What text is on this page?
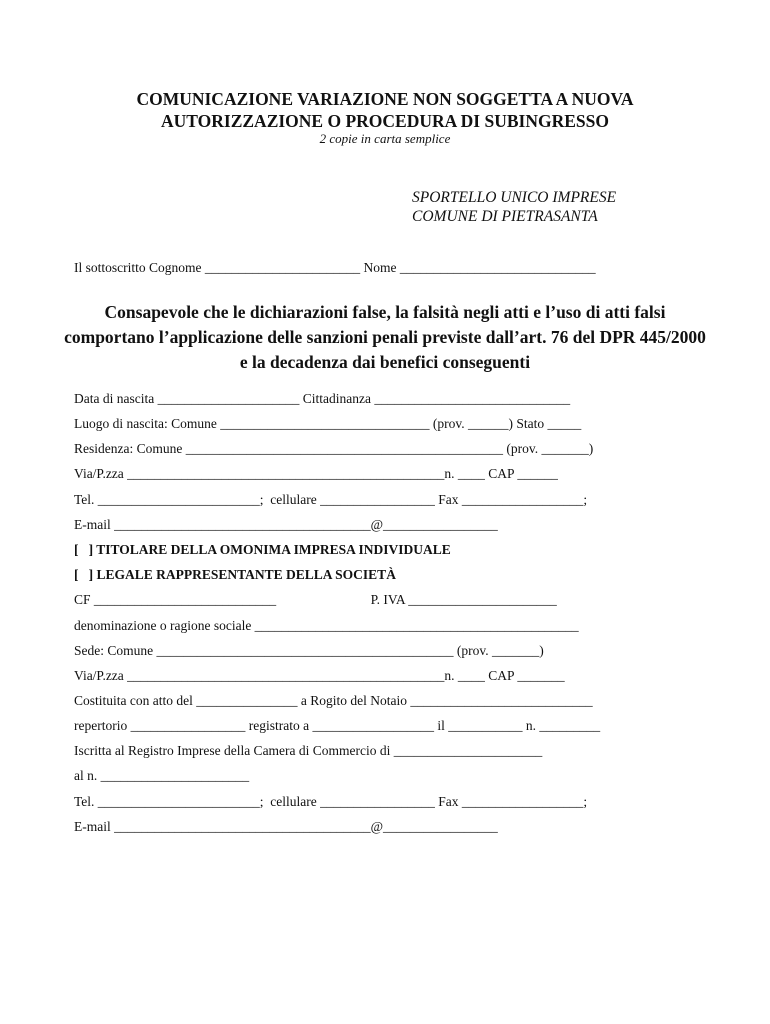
COMUNICAZIONE VARIAZIONE NON SOGGETTA A NUOVA
AUTORIZZAZIONE O PROCEDURA DI SUBINGRESSO
2 copie in carta semplice
SPORTELLO UNICO IMPRESE
COMUNE DI PIETRASANTA
Il sottoscritto Cognome _______________________ Nome _____________________________
Consapevole che le dichiarazioni false, la falsità negli atti e l’uso di atti falsi comportano l’applicazione delle sanzioni penali previste dall’art. 76 del DPR 445/2000 e la decadenza dai benefici conseguenti
Data di nascita _____________________ Cittadinanza _____________________________
Luogo di nascita: Comune _______________________________ (prov. ______) Stato _____
Residenza: Comune _______________________________________________ (prov. _______)
Via/P.zza _______________________________________________n. ____ CAP ______
Tel. ________________________;  cellulare _________________ Fax __________________;
E-mail ______________________________________@_________________
[   ] TITOLARE DELLA OMONIMA IMPRESA INDIVIDUALE
[   ] LEGALE RAPPRESENTANTE DELLA SOCIETÀ
CF ___________________________                            P. IVA ______________________
denominazione o ragione sociale ________________________________________________
Sede: Comune ____________________________________________ (prov. _______)
Via/P.zza _______________________________________________n. ____ CAP _______
Costituita con atto del _______________ a Rogito del Notaio ___________________________
repertorio _________________ registrato a __________________ il ___________ n. _________
Iscritta al Registro Imprese della Camera di Commercio di ______________________
al n. ______________________
Tel. ________________________;  cellulare _________________ Fax __________________;
E-mail ______________________________________@_________________
